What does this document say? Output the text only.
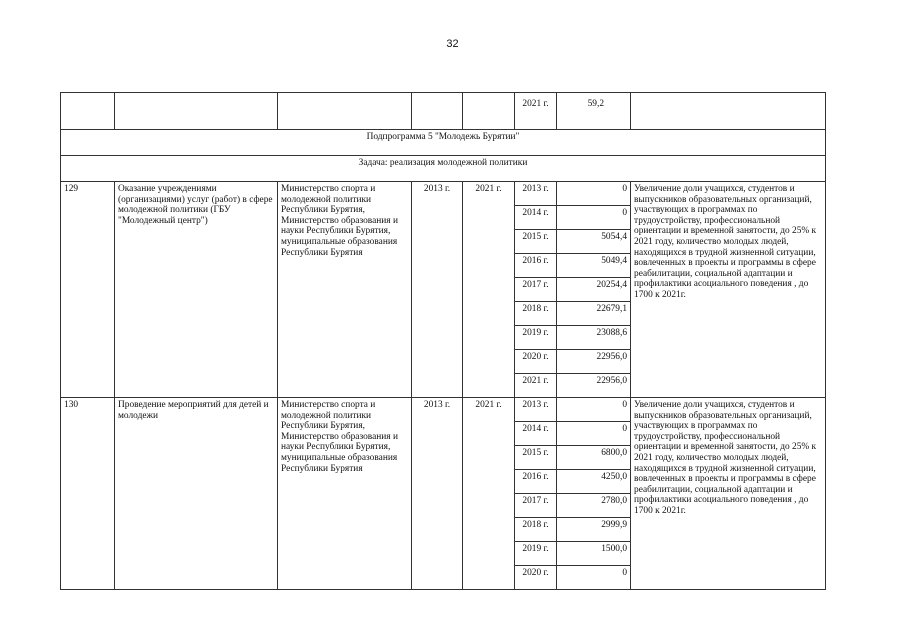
32
					2021 г.	59,2	
Подпрограмма 5 "Молодежь Бурятии"							
Задача: реализация молодежной политики							
129	Оказание учреждениями (организациями) услуг (работ) в сфере молодежной политики (ГБУ "Молодежный центр")	Министерство спорта и молодежной политики Республики Бурятия, Министерство образования и науки Республики Бурятия, муниципальные образования Республики Бурятия	2013 г.	2021 г.	2013 г.	0	Увеличение доли учащихся, студентов и выпускников образовательных организаций, участвующих в программах по трудоустройству, профессиональной ориентации и временной занятости, до 25% к 2021 году, количество молодых людей, находящихся в трудной жизненной ситуации, вовлеченных в проекты и программы в сфере реабилитации, социальной адаптации и профилактики асоциального поведения , до 1700 к 2021г.
					2014 г.	0	
					2015 г.	5054,4	
					2016 г.	5049,4	
					2017 г.	20254,4	
					2018 г.	22679,1	
					2019 г.	23088,6	
					2020 г.	22956,0	
					2021 г.	22956,0	
130	Проведение мероприятий для детей и молодежи	Министерство спорта и молодежной политики Республики Бурятия, Министерство образования и науки Республики Бурятия, муниципальные образования Республики Бурятия	2013 г.	2021 г.	2013 г.	0	Увеличение доли учащихся, студентов и выпускников образовательных организаций, участвующих в программах по трудоустройству, профессиональной ориентации и временной занятости, до 25% к 2021 году, количество молодых людей, находящихся в трудной жизненной ситуации, вовлеченных в проекты и программы в сфере реабилитации, социальной адаптации и профилактики асоциального поведения , до 1700 к 2021г.
					2014 г.	0	
					2015 г.	6800,0	
					2016 г.	4250,0	
					2017 г.	2780,0	
					2018 г.	2999,9	
					2019 г.	1500,0	
					2020 г.	0	
